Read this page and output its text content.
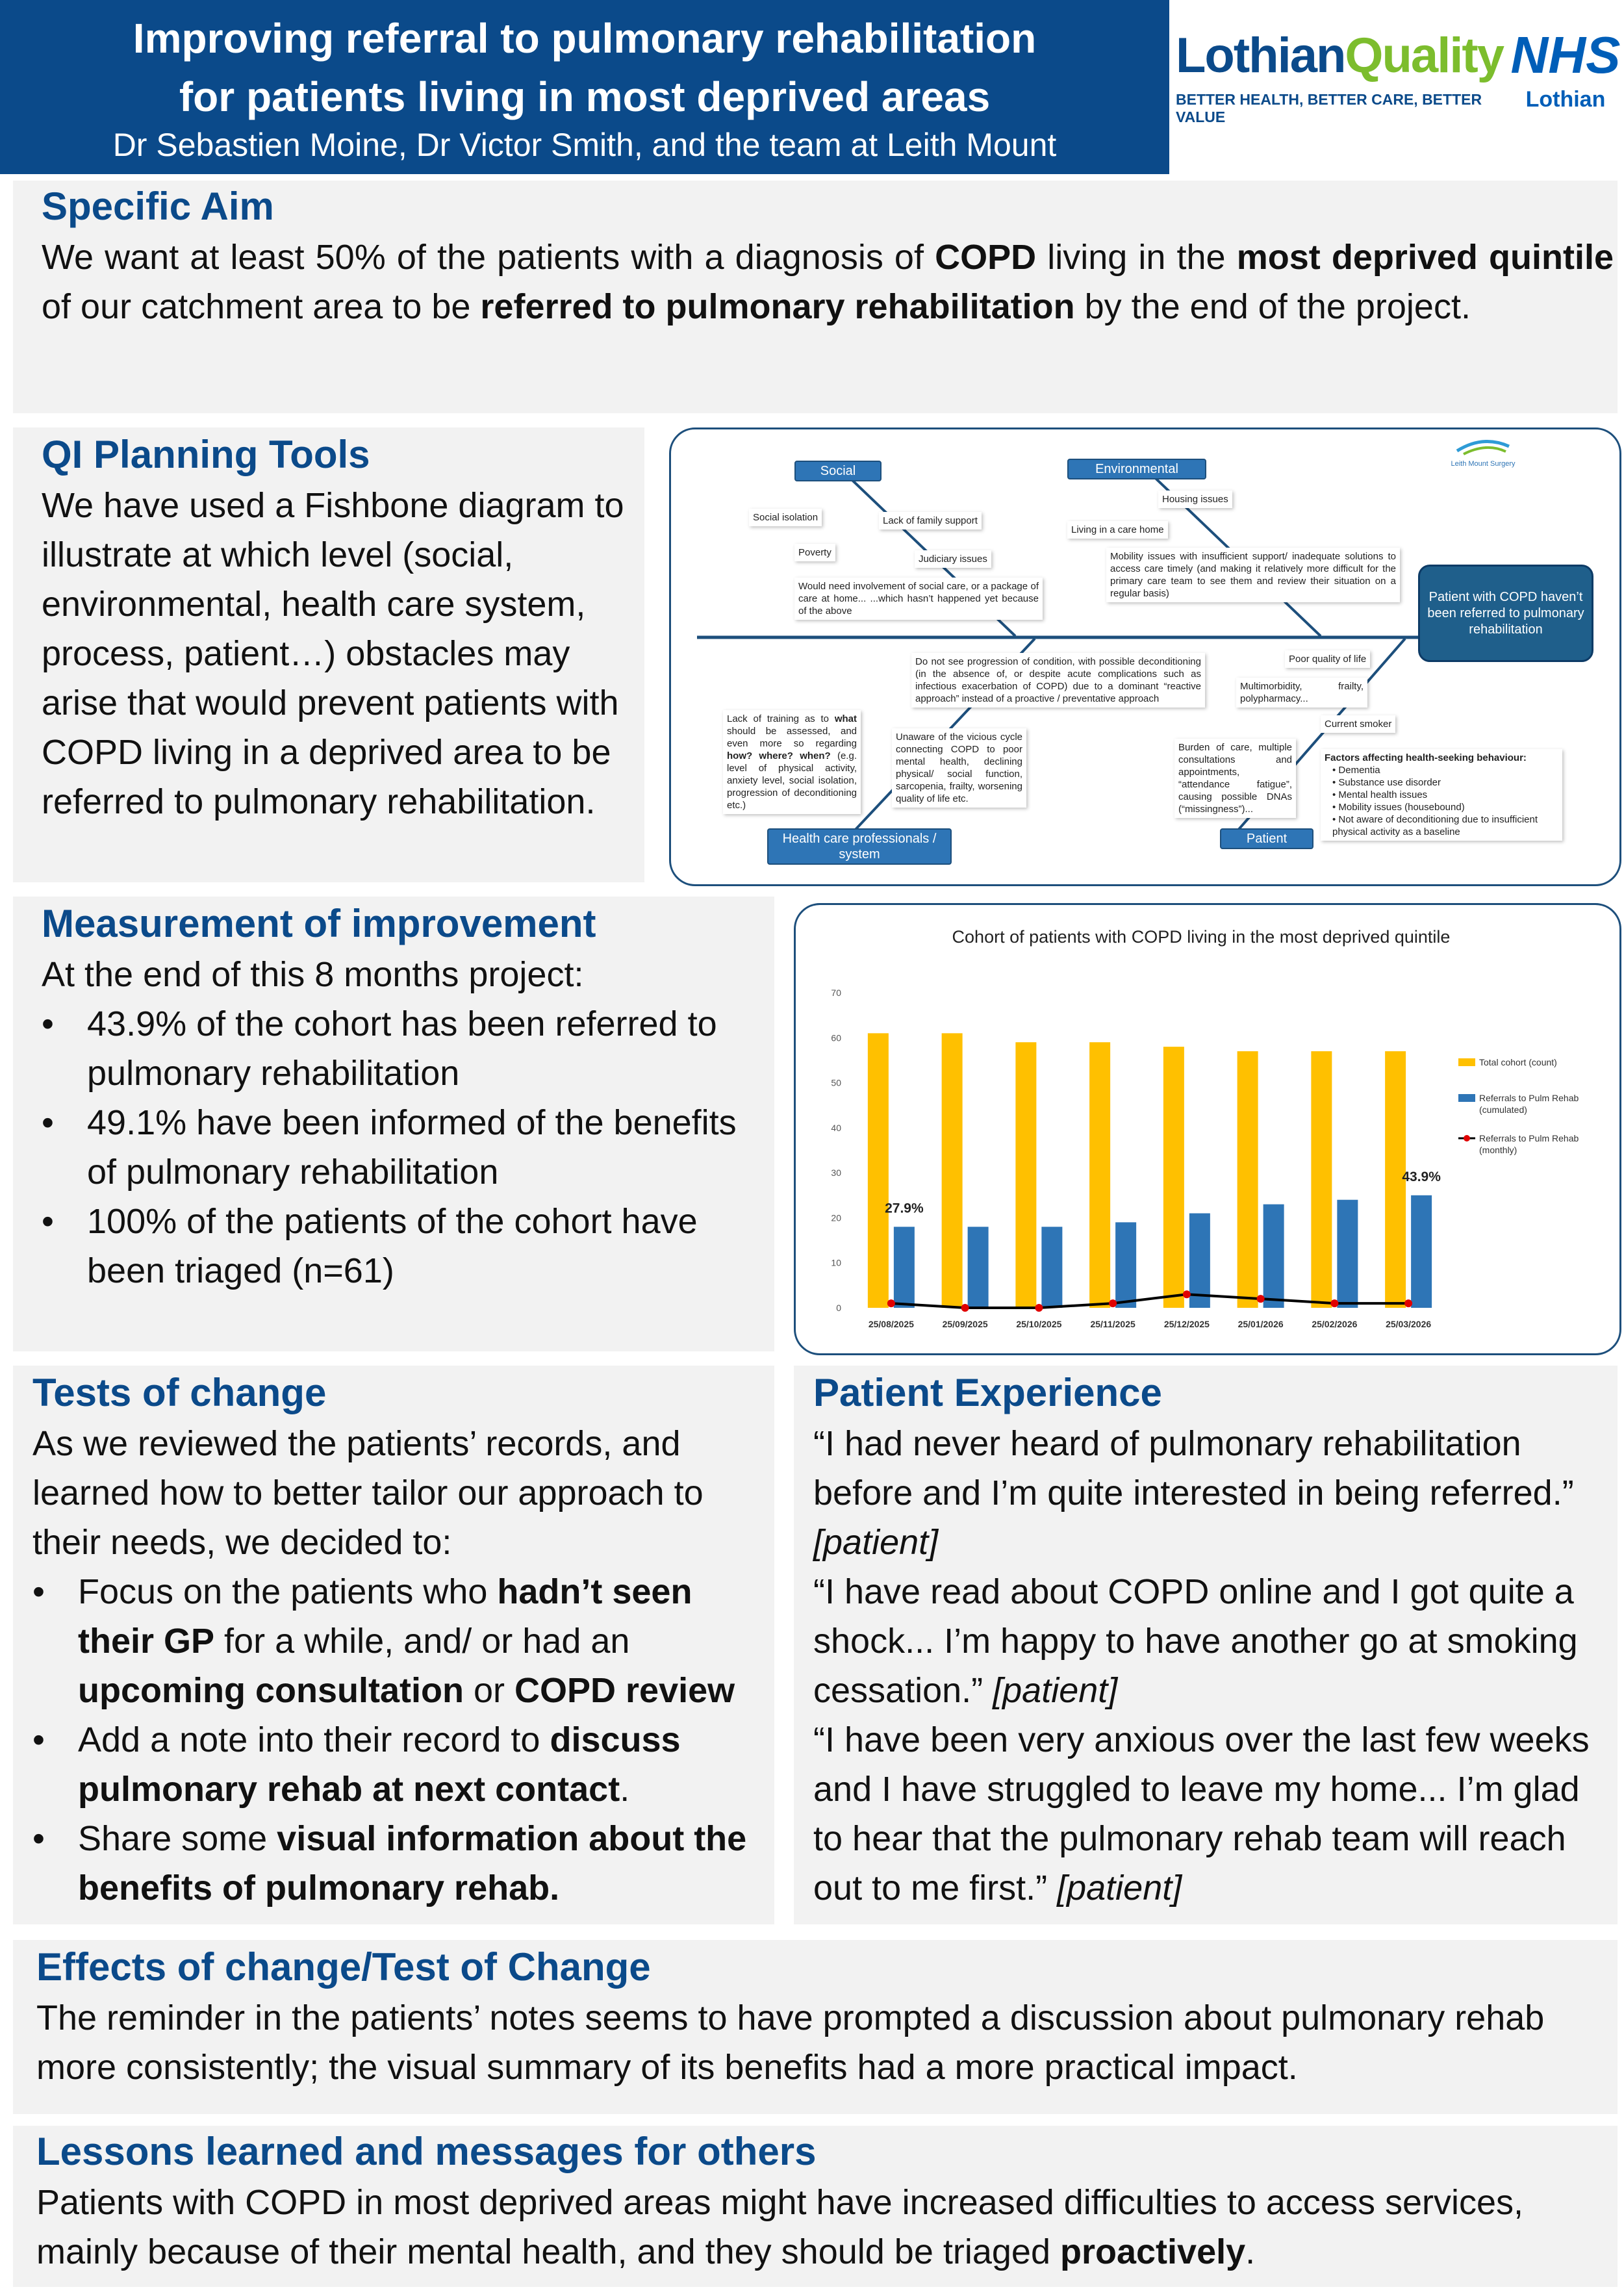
Improving referral to pulmonary rehabilitation
for patients living in most deprived areas
Dr Sebastien Moine, Dr Victor Smith, and the team at Leith Mount
LothianQuality
BETTER HEALTH, BETTER CARE, BETTER VALUE
NHS
Lothian
Specific Aim
We want at least 50% of the patients with a diagnosis of COPD living in the most deprived quintile of our catchment area to be referred to pulmonary rehabilitation by the end of the project.
QI Planning Tools
We have used a Fishbone diagram to illustrate at which level (social, environmental, health care system, process, patient…) obstacles may arise that would prevent patients with COPD living in a deprived area to be referred to pulmonary rehabilitation.
Social	Environmental
Health care professionals / system
Patient
Leith Mount Surgery
Patient with COPD haven’t been referred to pulmonary rehabilitation
Social isolation	Lack of family support
Poverty
Judiciary issues
Would need involvement of social care, or a package of care at home... ...which hasn’t happened yet because of the above
Housing issues
Living in a care home
Mobility issues with insufficient support/ inadequate solutions to access care timely (and making it relatively more difficult for the primary care team to see them and review their situation on a regular basis)
Do not see progression of condition, with possible deconditioning (in the absence of, or despite acute complications such as infectious exacerbation of COPD) due to a dominant “reactive approach” instead of a proactive / preventative approach
Lack of training as to what should be assessed, and even more so regarding how? where? when? (e.g. level of physical activity, anxiety level, social isolation, progression of deconditioning etc.)
Unaware of the vicious cycle connecting COPD to poor mental health, declining physical/ social function, sarcopenia, frailty, worsening quality of life etc.
Poor quality of life
Multimorbidity, frailty, polypharmacy...
Current smoker
Burden of care, multiple consultations and appointments, “attendance fatigue”, causing possible DNAs (“missingness”)...
Factors affecting health-seeking behaviour:
• Dementia
• Substance use disorder
• Mental health issues
• Mobility issues (housebound)
• Not aware of deconditioning due to insufficient physical activity as a baseline
Measurement of improvement
At the end of this 8 months project:
• 43.9% of the cohort has been referred to pulmonary rehabilitation
• 49.1% have been informed of the benefits of pulmonary rehabilitation
• 100% of the patients of the cohort have been triaged (n=61)
Cohort of patients with COPD living in the most deprived quintile
0
10
20
30
40
50
60
70
25/08/2025	25/09/2025	25/10/2025	25/11/2025	25/12/2025	25/01/2026	25/02/2026	25/03/2026
27.9%
43.9%
Total cohort (count)
Referrals to Pulm Rehab
(cumulated)
Referrals to Pulm Rehab
(monthly)
Tests of change
As we reviewed the patients’ records, and learned how to better tailor our approach to their needs, we decided to:
• Focus on the patients who hadn’t seen their GP for a while, and/ or had an upcoming consultation or COPD review
• Add a note into their record to discuss pulmonary rehab at next contact.
• Share some visual information about the benefits of pulmonary rehab.
Patient Experience
“I had never heard of pulmonary rehabilitation before and I’m quite interested in being referred.” [patient]
“I have read about COPD online and I got quite a shock... I’m happy to have another go at smoking cessation.” [patient]
“I have been very anxious over the last few weeks and I have struggled to leave my home... I’m glad to hear that the pulmonary rehab team will reach out to me first.” [patient]
Effects of change/Test of Change
The reminder in the patients’ notes seems to have prompted a discussion about pulmonary rehab more consistently; the visual summary of its benefits had a more practical impact.
Lessons learned and messages for others
Patients with COPD in most deprived areas might have increased difficulties to access services, mainly because of their mental health, and they should be triaged proactively.
